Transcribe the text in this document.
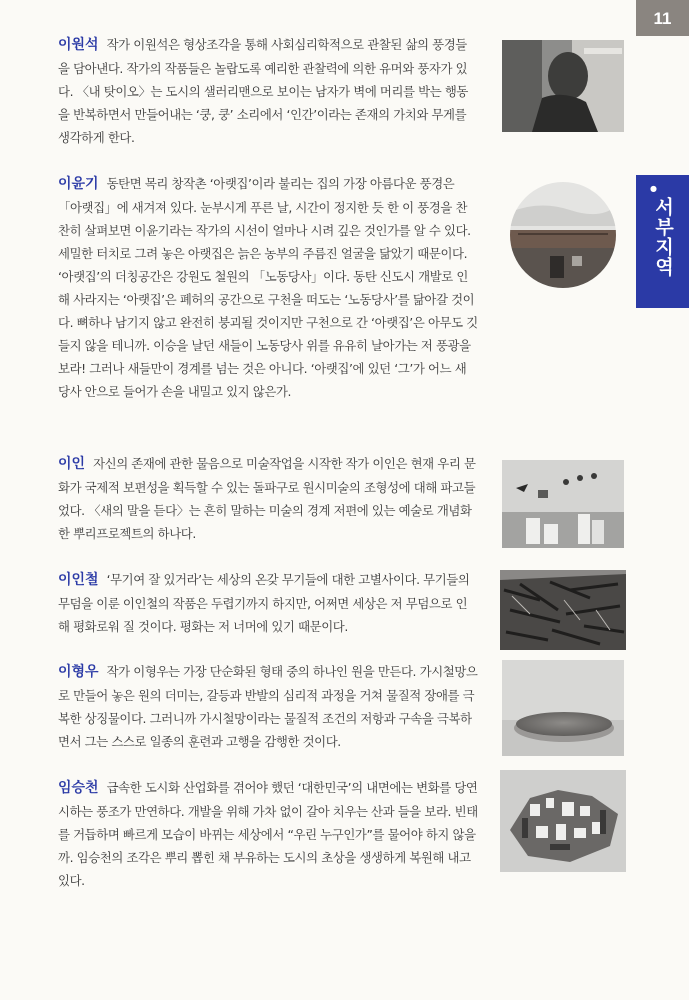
11
●
서부지역

이원석 작가 이원석은 형상조각을 통해 사회심리학적으로 관찰된 삶의 풍경들을 담아낸다. 작가의 작품들은 놀랍도록 예리한 관찰력에 의한 유머와 풍자가 있다. 〈내 탓이오〉는 도시의 샐러리맨으로 보이는 남자가 벽에 머리를 박는 행동을 반복하면서 만들어내는 ‘쿵, 쿵’ 소리에서 ‘인간’이라는 존재의 가치와 무게를 생각하게 한다.

이윤기 동탄면 목리 창작촌 ‘아랫집’이라 불리는 집의 가장 아름다운 풍경은 「아랫집」에 새겨져 있다. 눈부시게 푸른 날, 시간이 정지한 듯 한 이 풍경을 찬찬히 살펴보면 이윤기라는 작가의 시선이 얼마나 시려 깊은 것인가를 알 수 있다. 세밀한 터치로 그려 놓은 아랫집은 늙은 농부의 주름진 얼굴을 닮았기 때문이다.

‘아랫집’의 더칭공간은 강원도 철원의 「노동당사」이다. 동탄 신도시 개발로 인해 사라지는 ‘아랫집’은 폐허의 공간으로 구천을 떠도는 ‘노동당사’를 닮아갈 것이다. 뼈하나 남기지 않고 완전히 붕괴될 것이지만 구천으로 간 ‘아랫집’은 아무도 깃들지 않을 테니까. 이승을 날던 새들이 노동당사 위를 유유히 날아가는 저 풍광을 보라! 그러나 새들만이 경계를 넘는 것은 아니다. ‘아랫집’에 있던 ‘그’가 어느 새 당사 안으로 들어가 손을 내밀고 있지 않은가.

이인 자신의 존재에 관한 물음으로 미술작업을 시작한 작가 이인은 현재 우리 문화가 국제적 보편성을 획득할 수 있는 돌파구로 원시미술의 조형성에 대해 파고들었다. 〈새의 말을 듣다〉는 흔히 말하는 미술의 경계 저편에 있는 예술로 개념화한 뿌리프로젝트의 하나다.

이인철 ‘무기여 잘 있거라’는 세상의 온갖 무기들에 대한 고별사이다. 무기들의 무덤을 이룬 이인철의 작품은 두렵기까지 하지만, 어쩌면 세상은 저 무덤으로 인해 평화로워 질 것이다. 평화는 저 너머에 있기 때문이다.

이형우 작가 이형우는 가장 단순화된 형태 중의 하나인 원을 만든다. 가시철망으로 만들어 놓은 원의 더미는, 갈등과 반발의 심리적 과정을 거쳐 물질적 장애를 극복한 상징물이다. 그러니까 가시철망이라는 물질적 조건의 저항과 구속을 극복하면서 그는 스스로 일종의 훈련과 고행을 감행한 것이다.

임승천 급속한 도시화 산업화를 겪어야 했던 ‘대한민국’의 내면에는 변화를 당연시하는 풍조가 만연하다. 개발을 위해 가차 없이 갈아 치우는 산과 들을 보라. 빈태를 거듭하며 빠르게 모습이 바뀌는 세상에서 “우린 누구인가”를 물어야 하지 않을까. 임승천의 조각은 뿌리 뽑힌 채 부유하는 도시의 초상을 생생하게 복원해 내고 있다.
